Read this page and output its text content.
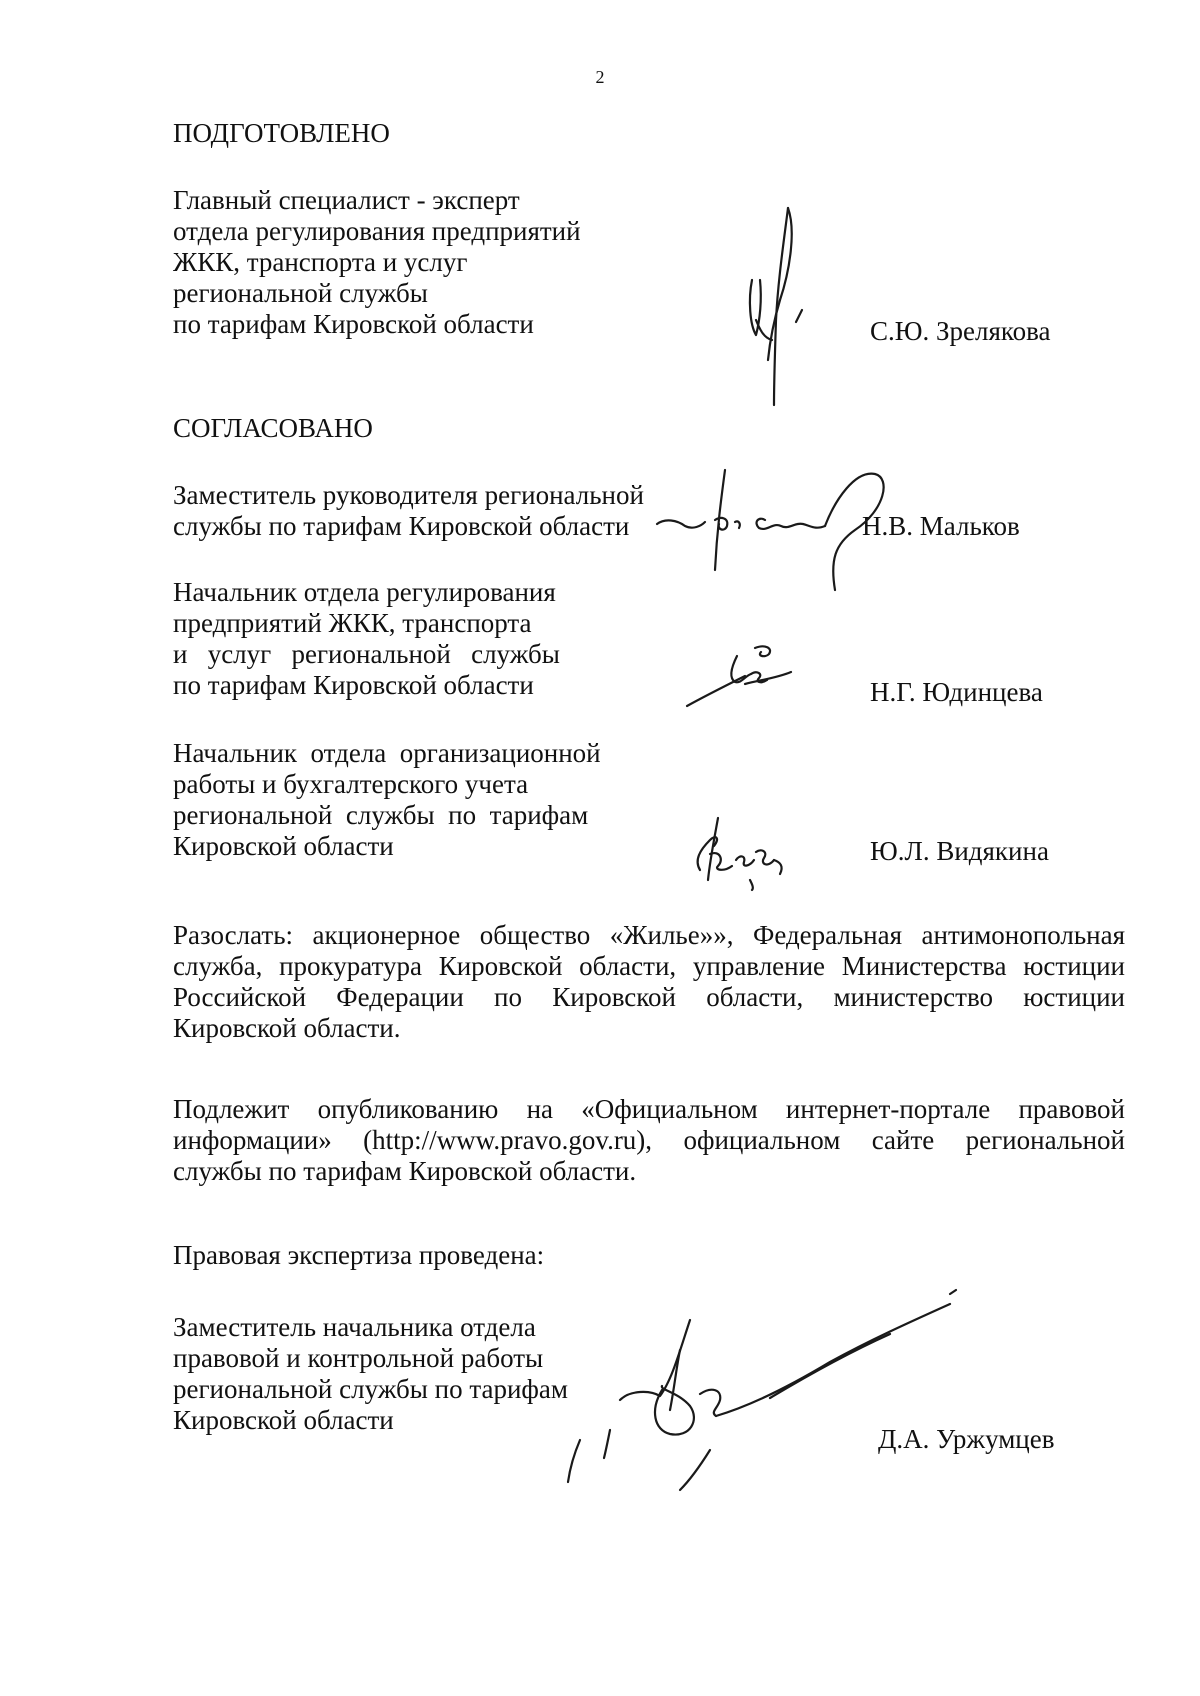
2
ПОДГОТОВЛЕНО
Главный специалист - эксперт
отдела регулирования предприятий
ЖКК, транспорта и услуг
региональной службы
по тарифам Кировской области	С.Ю. Зрелякова
СОГЛАСОВАНО
Заместитель руководителя региональной
службы по тарифам Кировской области	Н.В. Мальков
Начальник отдела регулирования
предприятий ЖКК, транспорта
и   услуг   региональной   службы
по тарифам Кировской области	Н.Г. Юдинцева
Начальник  отдела  организационной
работы и бухгалтерского учета
региональной  службы  по  тарифам
Кировской области	Ю.Л. Видякина
Разослать: акционерное общество «Жилье»», Федеральная антимонопольная
служба, прокуратура Кировской области, управление Министерства юстиции
Российской Федерации по Кировской области, министерство юстиции
Кировской области.
Подлежит опубликованию на «Официальном интернет-портале правовой
информации» (http://www.pravo.gov.ru), официальном сайте региональной
службы по тарифам Кировской области.
Правовая экспертиза проведена:
Заместитель начальника отдела
правовой и контрольной работы
региональной службы по тарифам
Кировской области
Д.А. Уржумцев
